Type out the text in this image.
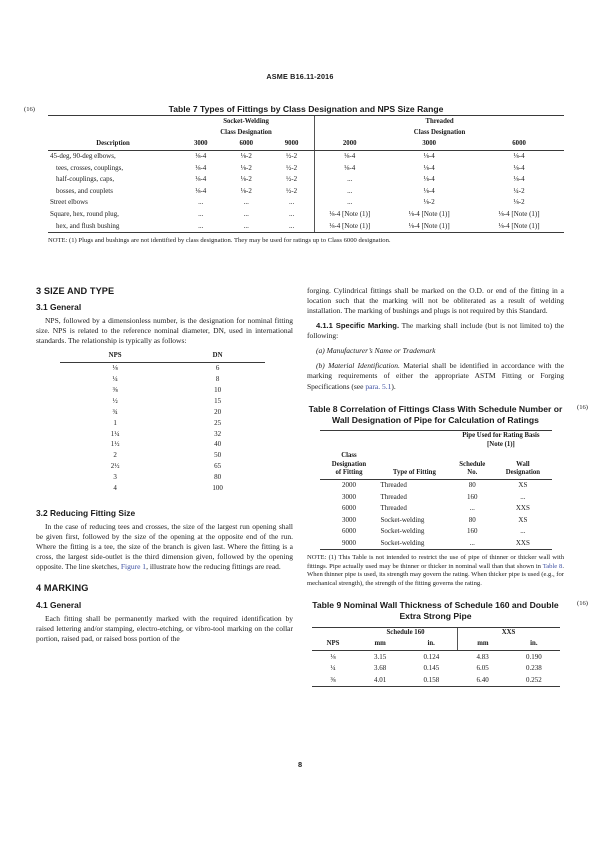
ASME B16.11-2016
(16)	Table 7 Types of Fittings by Class Designation and NPS Size Range
	Socket-Welding			Threaded		
	Class Designation			Class Designation		
Description	3000	6000	9000	2000	3000	6000
45-deg, 90-deg elbows,	⅛-4	⅛-2	½-2	⅛-4	⅛-4	⅛-4
tees, crosses, couplings,	⅛-4	⅛-2	½-2	⅛-4	⅛-4	⅛-4
half-couplings, caps,	⅛-4	⅛-2	½-2	...	⅛-4	⅛-4
bosses, and couplets	⅛-4	⅛-2	½-2	...	⅛-4	¼-2
Street elbows	...	...	...	...	⅛-2	⅛-2
Square, hex, round plug,	...	...	...	⅛-4 [Note (1)]	⅛-4 [Note (1)]	⅛-4 [Note (1)]
hex, and flush bushing	...	...	...	⅛-4 [Note (1)]	⅛-4 [Note (1)]	⅛-4 [Note (1)]
NOTE: (1) Plugs and bushings are not identified by class designation. They may be used for ratings up to Class 6000 designation.
3 SIZE AND TYPE
3.1 General

NPS, followed by a dimensionless number, is the designation for nominal fitting size. NPS is related to the reference nominal diameter, DN, used in international standards. The relationship is typically as follows:

NPS	DN
⅛	6
¼	8
⅜	10
½	15
¾	20
1	25
1¼	32
1½	40
2	50
2½	65
3	80
4	100
3.2 Reducing Fitting Size

In the case of reducing tees and crosses, the size of the largest run opening shall be given first, followed by the size of the opening at the opposite end of the run. Where the fitting is a tee, the size of the branch is given last. Where the fitting is a cross, the largest side-outlet is the third dimension given, followed by the opening opposite. The line sketches, Figure 1, illustrate how the reducing fittings are read.

4 MARKING
4.1 General

Each fitting shall be permanently marked with the required identification by raised lettering and/or stamping, electro-etching, or vibro-tool marking on the collar portion, raised pad, or raised boss portion of the

forging. Cylindrical fittings shall be marked on the O.D. or end of the fitting in a location such that the marking will not be obliterated as a result of welding installation. The marking of bushings and plugs is not required by this Standard.

4.1.1 Specific Marking. The marking shall include (but is not limited to) the following:

(a) Manufacturer’s Name or Trademark

(b) Material Identification. Material shall be identified in accordance with the marking requirements of either the appropriate ASTM Fitting or Forging Specifications (see para. 5.1).

(16)
Table 8 Correlation of Fittings Class With Schedule Number or Wall Designation of Pipe for Calculation of Ratings
		Pipe Used for Rating Basis
[Note (1)]	
Class
Designation
of Fitting	Type of Fitting	Schedule
No.	Wall
Designation
2000	Threaded	80	XS
3000	Threaded	160	...
6000	Threaded	...	XXS
3000	Socket-welding	80	XS
6000	Socket-welding	160	...
9000	Socket-welding	...	XXS
NOTE: (1) This Table is not intended to restrict the use of pipe of thinner or thicker wall with fittings. Pipe actually used may be thinner or thicker in nominal wall than that shown in Table 8. When thinner pipe is used, its strength may govern the rating. When thicker pipe is used (e.g., for mechanical strength), the strength of the fitting governs the rating.
(16)
Table 9 Nominal Wall Thickness of Schedule 160 and Double Extra Strong Pipe
	Schedule 160		XXS	
NPS	mm	in.	mm	in.
⅛	3.15	0.124	4.83	0.190
¼	3.68	0.145	6.05	0.238
⅜	4.01	0.158	6.40	0.252
8
